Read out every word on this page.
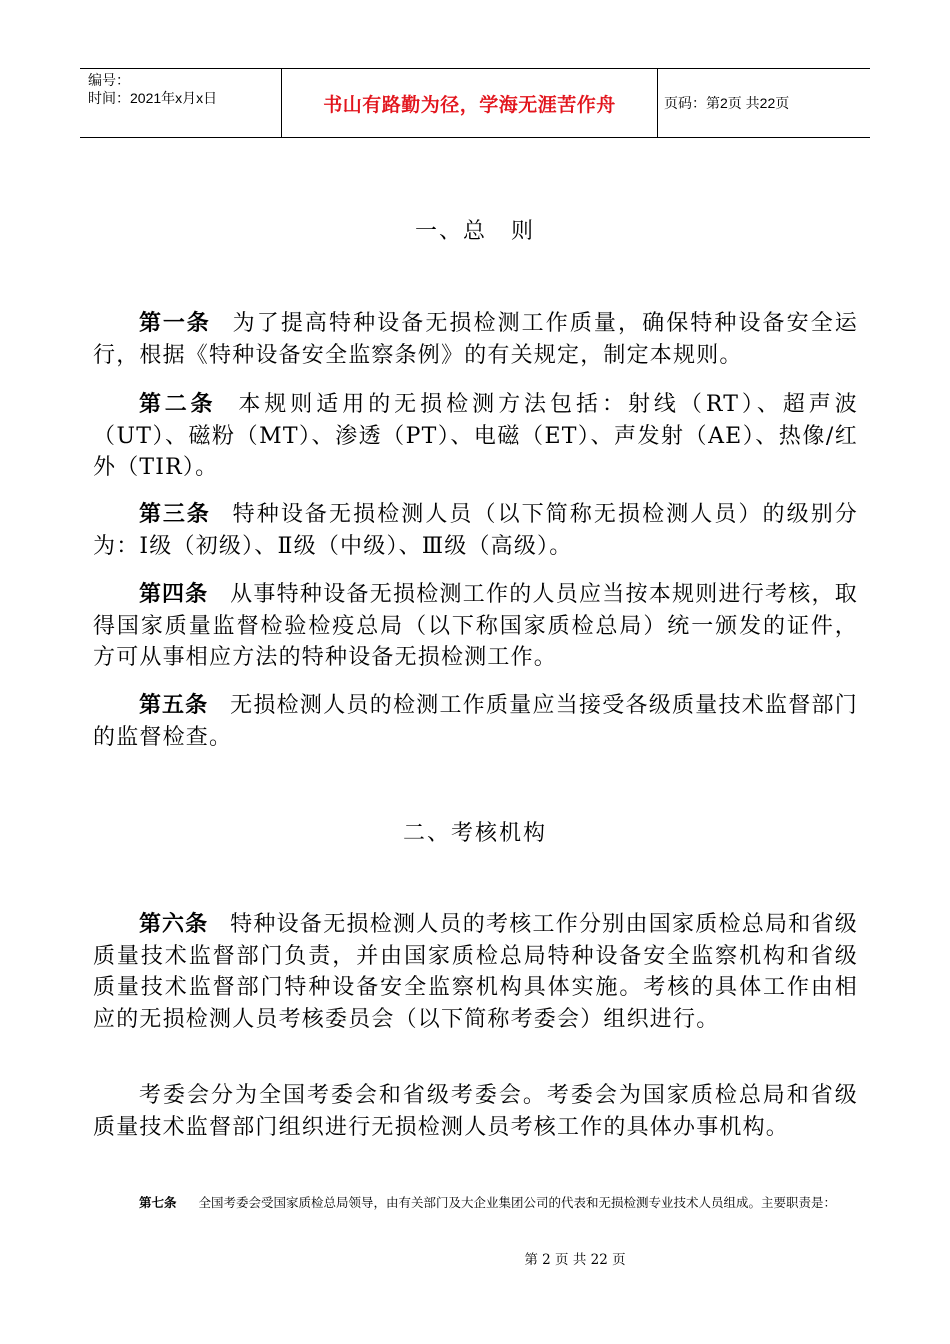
编号：
时间：2021年x月x日	书山有路勤为径，学海无涯苦作舟	页码：第2页 共22页
一、总　则
第一条 为了提高特种设备无损检测工作质量，确保特种设备安全运行，根据《特种设备安全监察条例》的有关规定，制定本规则。
第二条 本规则适用的无损检测方法包括：射线（RT）、超声波（UT）、磁粉（MT）、渗透（PT）、电磁（ET）、声发射（AE）、热像/红外（TIR）。
第三条 特种设备无损检测人员（以下简称无损检测人员）的级别分为：Ⅰ级（初级）、Ⅱ级（中级）、Ⅲ级（高级）。
第四条 从事特种设备无损检测工作的人员应当按本规则进行考核，取得国家质量监督检验检疫总局（以下称国家质检总局）统一颁发的证件，方可从事相应方法的特种设备无损检测工作。
第五条 无损检测人员的检测工作质量应当接受各级质量技术监督部门的监督检查。
二、考核机构
第六条 特种设备无损检测人员的考核工作分别由国家质检总局和省级质量技术监督部门负责，并由国家质检总局特种设备安全监察机构和省级质量技术监督部门特种设备安全监察机构具体实施。考核的具体工作由相应的无损检测人员考核委员会（以下简称考委会）组织进行。
考委会分为全国考委会和省级考委会。考委会为国家质检总局和省级质量技术监督部门组织进行无损检测人员考核工作的具体办事机构。
第七条 全国考委会受国家质检总局领导，由有关部门及大企业集团公司的代表和无损检测专业技术人员组成。主要职责是：
第 2 页 共 22 页
